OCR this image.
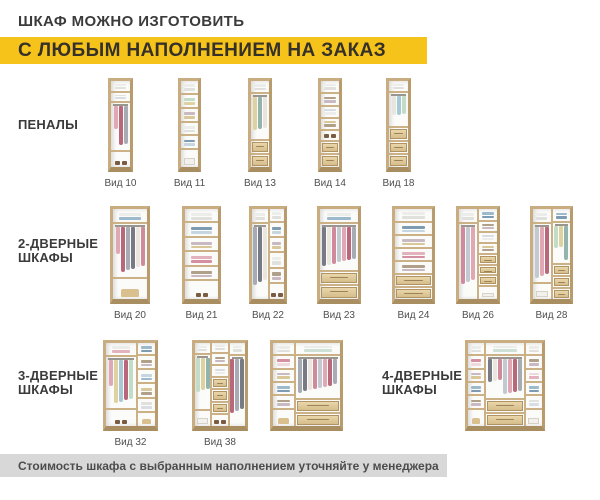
ШКАФ МОЖНО ИЗГОТОВИТЬ
С ЛЮБЫМ НАПОЛНЕНИЕМ НА ЗАКАЗ
ПЕНАЛЫ
2-ДВЕРНЫЕ
ШКАФЫ
3-ДВЕРНЫЕ
ШКАФЫ
4-ДВЕРНЫЕ
ШКАФЫ
Вид 10	Вид 11	Вид 13	Вид 14	Вид 18
Вид 20	Вид 21	Вид 22	Вид 23	Вид 24	Вид 26	Вид 28
Вид 32	Вид 38
Стоимость шкафа с выбранным наполнением уточняйте у менеджера
